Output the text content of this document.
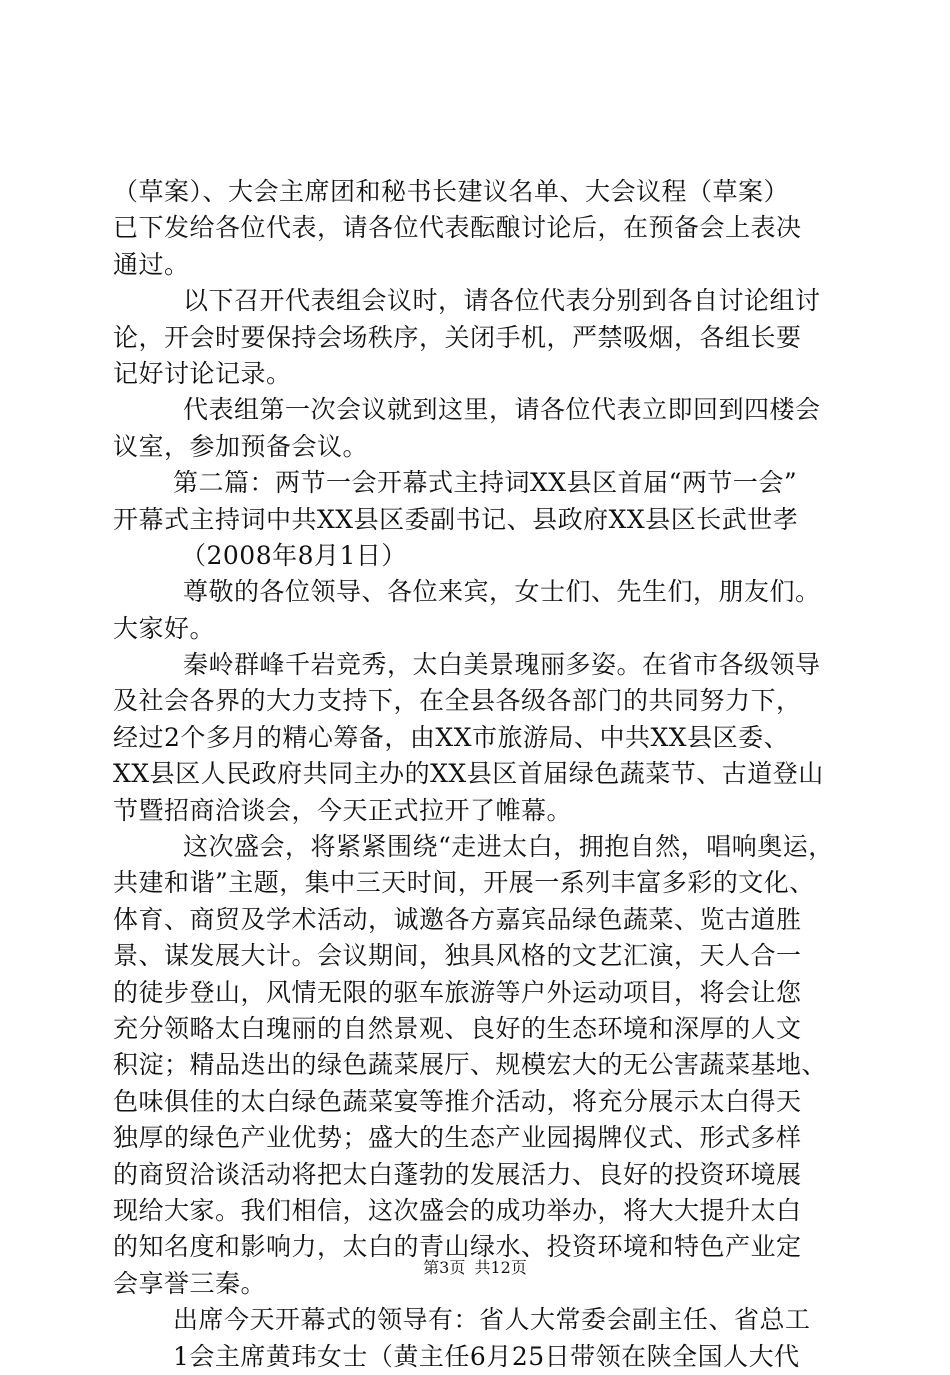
（草案）、大会主席团和秘书长建议名单、大会议程（草案）
已下发给各位代表，请各位代表酝酿讨论后，在预备会上表决
通过。
以下召开代表组会议时，请各位代表分别到各自讨论组讨
论，开会时要保持会场秩序，关闭手机，严禁吸烟，各组长要
记好讨论记录。
代表组第一次会议就到这里，请各位代表立即回到四楼会
议室，参加预备会议。
第二篇：两节一会开幕式主持词XX县区首届“两节一会”
开幕式主持词中共XX县区委副书记、县政府XX县区长武世孝
（2008年8月1日）
尊敬的各位领导、各位来宾，女士们、先生们，朋友们。
大家好。
秦岭群峰千岩竞秀，太白美景瑰丽多姿。在省市各级领导
及社会各界的大力支持下，在全县各级各部门的共同努力下，
经过2个多月的精心筹备，由XX市旅游局、中共XX县区委、
XX县区人民政府共同主办的XX县区首届绿色蔬菜节、古道登山
节暨招商洽谈会，今天正式拉开了帷幕。
这次盛会，将紧紧围绕“走进太白，拥抱自然，唱响奥运，
共建和谐”主题，集中三天时间，开展一系列丰富多彩的文化、
体育、商贸及学术活动，诚邀各方嘉宾品绿色蔬菜、览古道胜
景、谋发展大计。会议期间，独具风格的文艺汇演，天人合一
的徒步登山，风情无限的驱车旅游等户外运动项目，将会让您
充分领略太白瑰丽的自然景观、良好的生态环境和深厚的人文
积淀；精品迭出的绿色蔬菜展厅、规模宏大的无公害蔬菜基地、
色味俱佳的太白绿色蔬菜宴等推介活动，将充分展示太白得天
独厚的绿色产业优势；盛大的生态产业园揭牌仪式、形式多样
的商贸洽谈活动将把太白蓬勃的发展活力、良好的投资环境展
现给大家。我们相信，这次盛会的成功举办，将大大提升太白
的知名度和影响力，太白的青山绿水、投资环境和特色产业定
会享誉三秦。
出席今天开幕式的领导有：省人大常委会副主任、省总工
1会主席黄玮女士（黄主任6月25日带领在陕全国人大代
第3页 共12页
